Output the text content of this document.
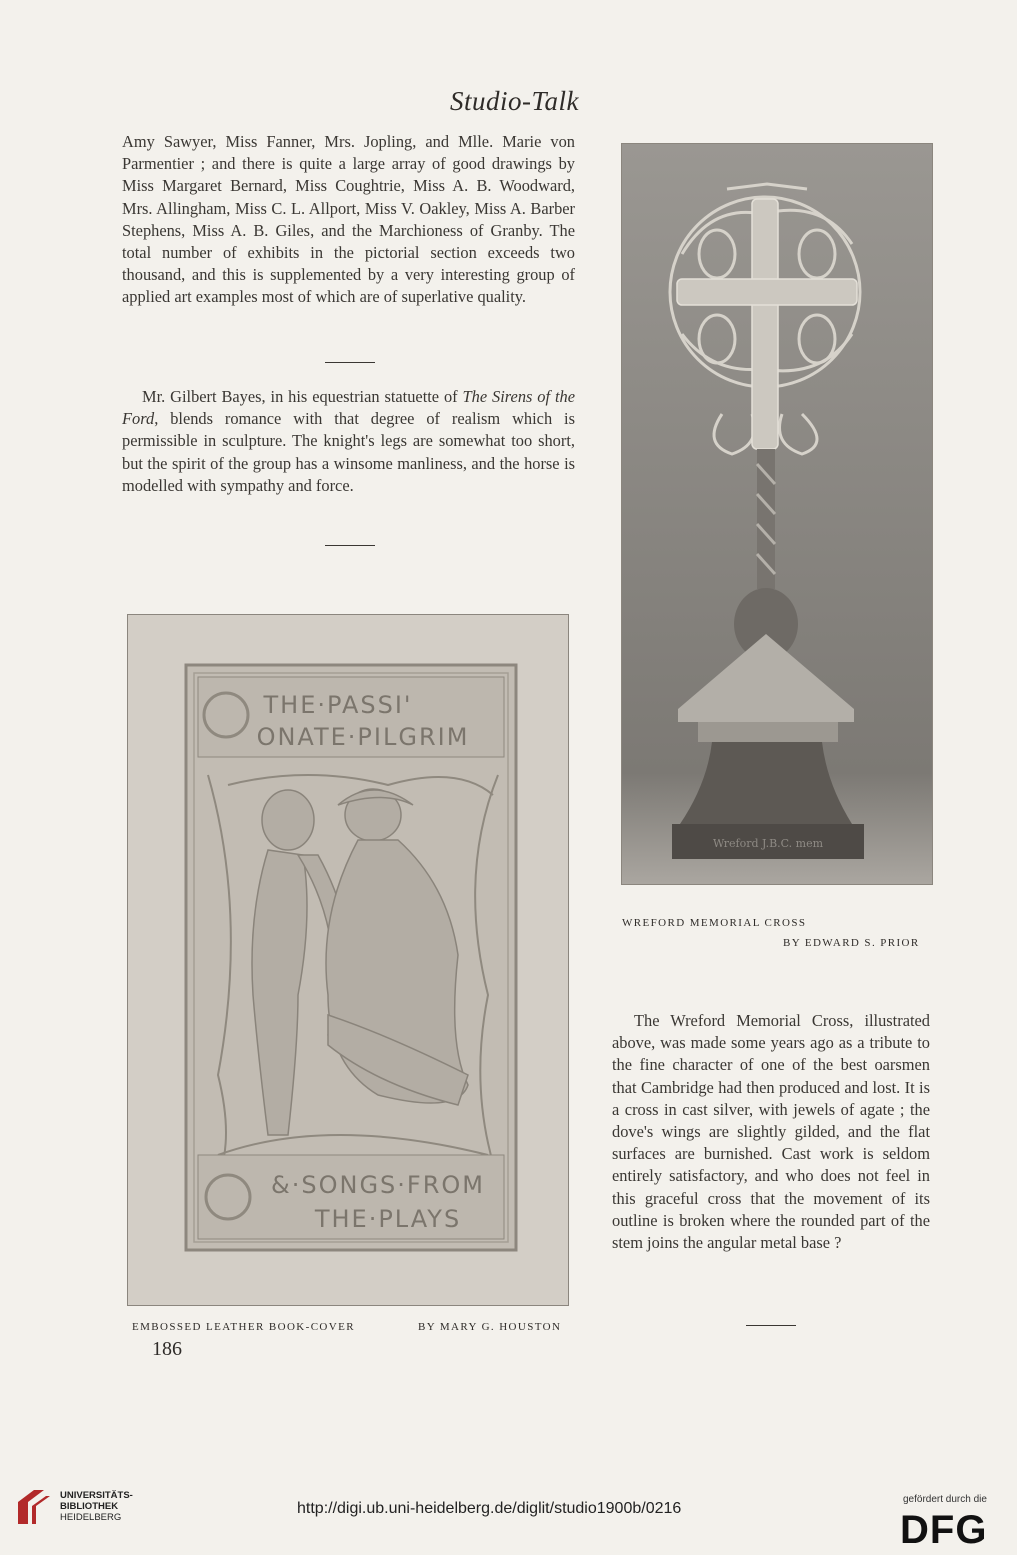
Studio-Talk

Amy Sawyer, Miss Fanner, Mrs. Jopling, and Mlle. Marie von Parmentier ; and there is quite a large array of good drawings by Miss Margaret Bernard, Miss Coughtrie, Miss A. B. Woodward, Mrs. Allingham, Miss C. L. Allport, Miss V. Oakley, Miss A. Barber Stephens, Miss A. B. Giles, and the Marchioness of Granby. The total number of exhibits in the pictorial section exceeds two thousand, and this is supplemented by a very interesting group of applied art examples most of which are of superlative quality.

Mr. Gilbert Bayes, in his equestrian statuette of The Sirens of the Ford, blends romance with that degree of realism which is permissible in sculpture. The knight's legs are somewhat too short, but the spirit of the group has a winsome manliness, and the horse is modelled with sympathy and force.

THE·PASSI'
ONATE·PILGRIM
&·SONGS·FROM
THE·PLAYS
EMBOSSED LEATHER BOOK-COVER	BY MARY G. HOUSTON
Wreford J.B.C. mem
WREFORD MEMORIAL CROSS
BY EDWARD S. PRIOR

The Wreford Memorial Cross, illustrated above, was made some years ago as a tribute to the fine character of one of the best oarsmen that Cambridge had then produced and lost. It is a cross in cast silver, with jewels of agate ; the dove's wings are slightly gilded, and the flat surfaces are burnished. Cast work is seldom entirely satisfactory, and who does not feel in this graceful cross that the movement of its outline is broken where the rounded part of the stem joins the angular metal base ?

186
UNIVERSITÄTS-
BIBLIOTHEK
HEIDELBERG
http://digi.ub.uni-heidelberg.de/diglit/studio1900b/0216
gefördert durch die
DFG
